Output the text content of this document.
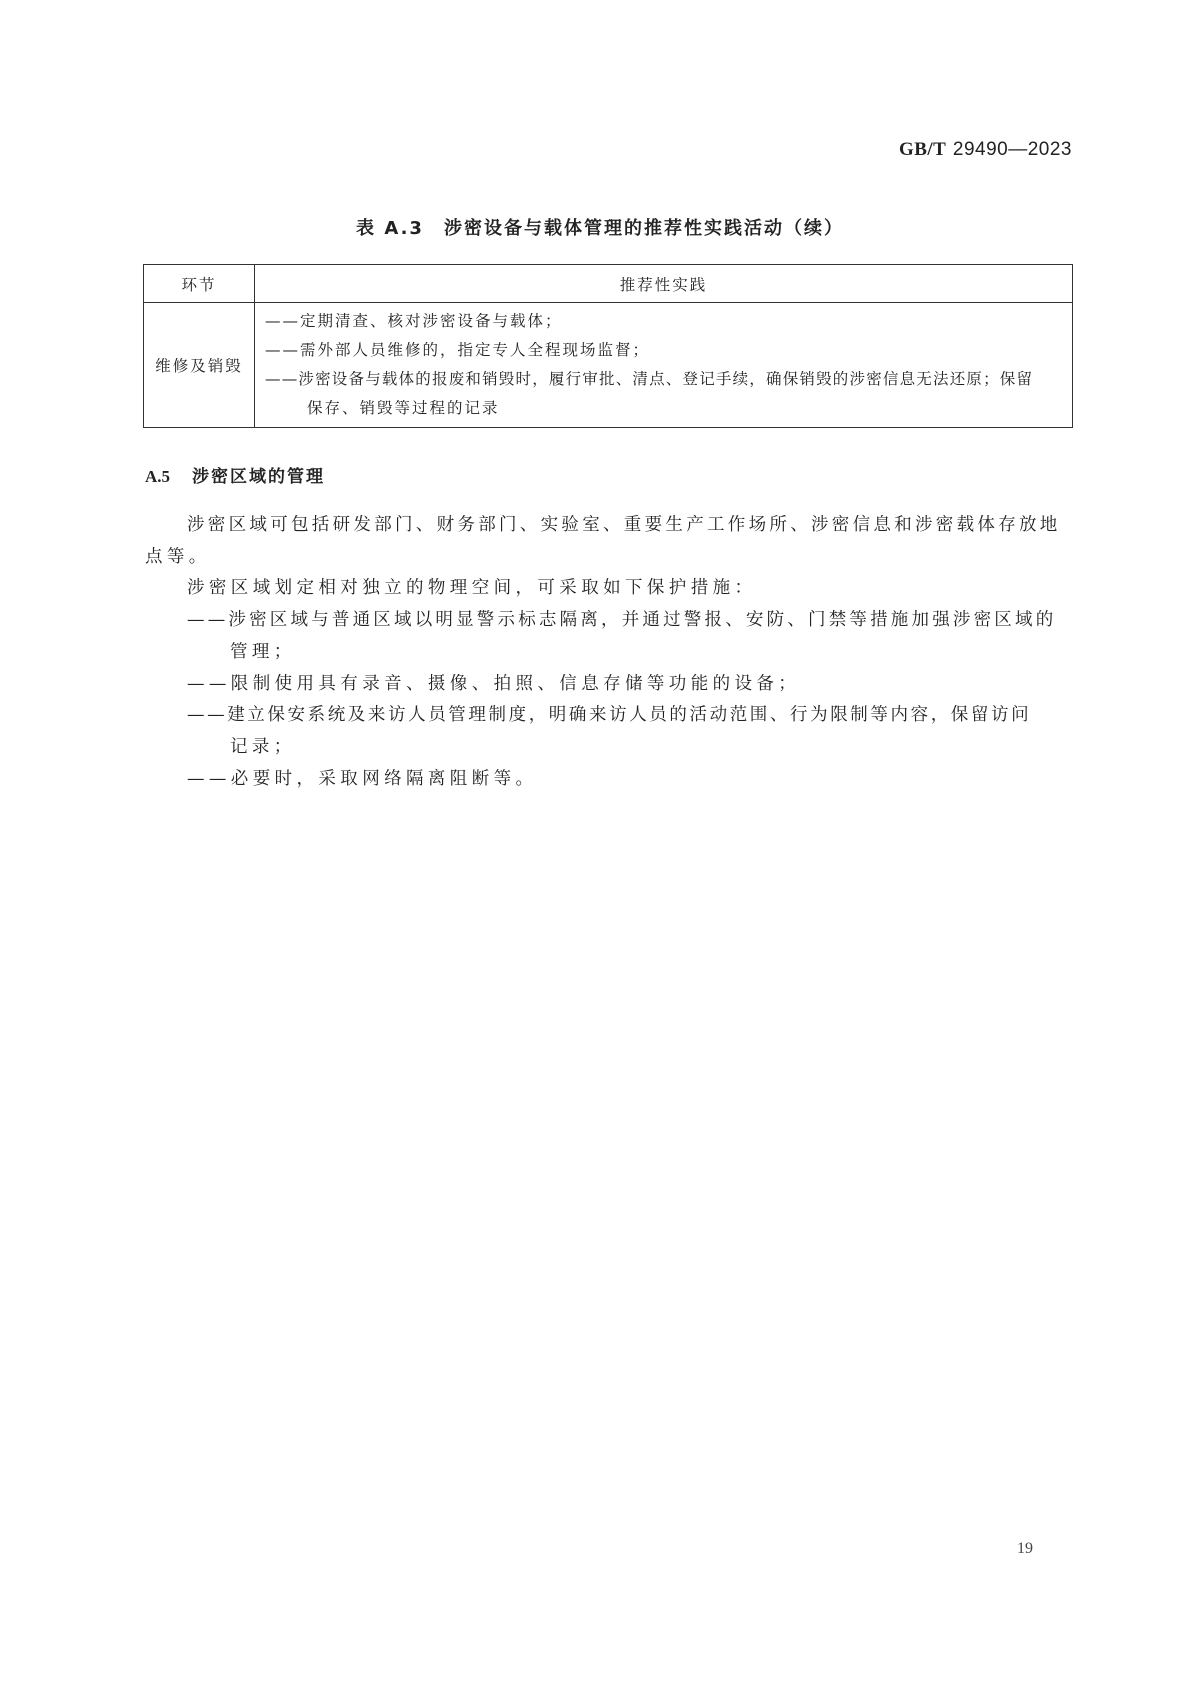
GB/T 29490—2023
表 A.3　涉密设备与载体管理的推荐性实践活动（续）
环节	推荐性实践
维修及销毁	——定期清查、核对涉密设备与载体；
——需外部人员维修的，指定专人全程现场监督；
——涉密设备与载体的报废和销毁时，履行审批、清点、登记手续，确保销毁的涉密信息无法还原；保留
保存、销毁等过程的记录
A.5 涉密区域的管理
涉密区域可包括研发部门、财务部门、实验室、重要生产工作场所、涉密信息和涉密载体存放地
点等。
涉密区域划定相对独立的物理空间，可采取如下保护措施：
——涉密区域与普通区域以明显警示标志隔离，并通过警报、安防、门禁等措施加强涉密区域的
管理；
——限制使用具有录音、摄像、拍照、信息存储等功能的设备；
——建立保安系统及来访人员管理制度，明确来访人员的活动范围、行为限制等内容，保留访问
记录；
——必要时，采取网络隔离阻断等。
19
